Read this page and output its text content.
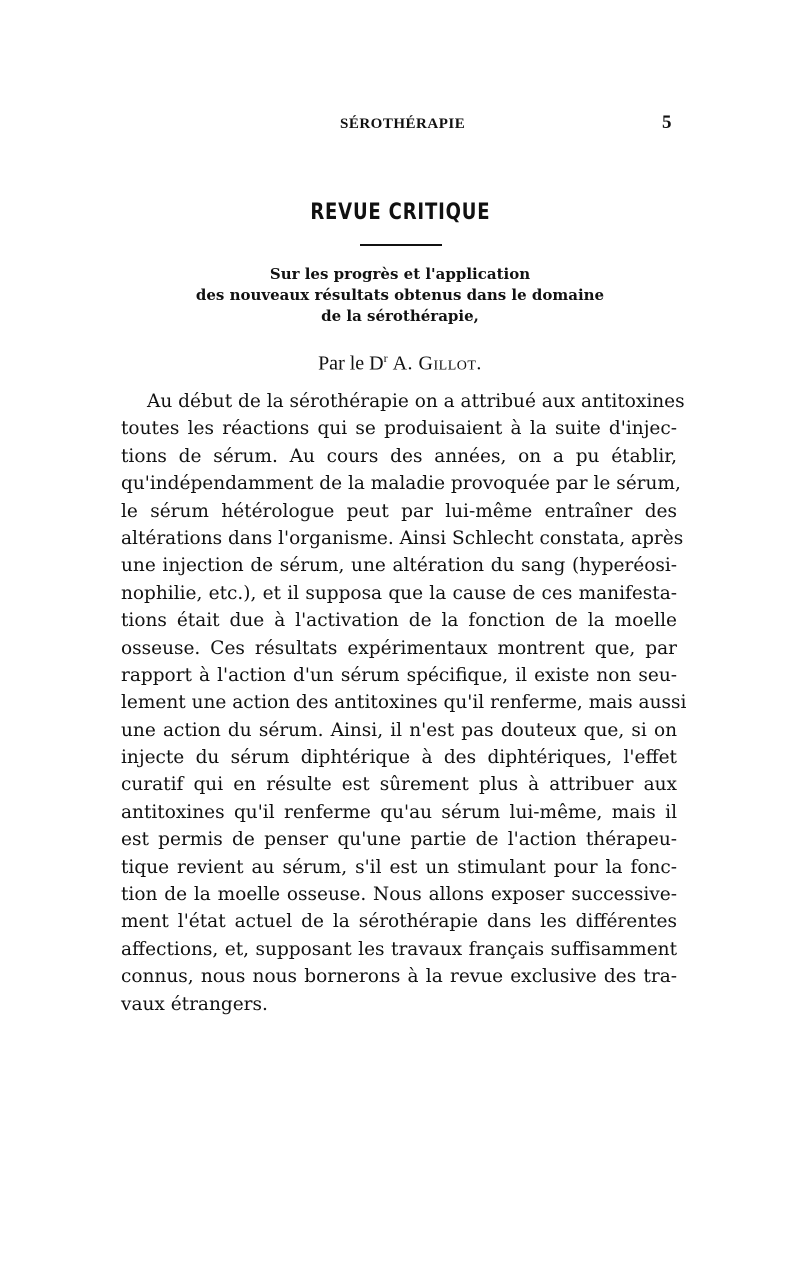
SÉROTHÉRAPIE	5
REVUE CRITIQUE
Sur les progrès et l'application
des nouveaux résultats obtenus dans le domaine
de la sérothérapie,
Par le $D^r$ A. Gillot.
Au début de la sérothérapie on a attribué aux antitoxines
toutes les réactions qui se produisaient à la suite d'injec-
tions de sérum. Au cours des années, on a pu établir,
qu'indépendamment de la maladie provoquée par le sérum,
le sérum hétérologue peut par lui-même entraîner des
altérations dans l'organisme. Ainsi Schlecht constata, après
une injection de sérum, une altération du sang (hyperéosi-
nophilie, etc.), et il supposa que la cause de ces manifesta-
tions était due à l'activation de la fonction de la moelle
osseuse. Ces résultats expérimentaux montrent que, par
rapport à l'action d'un sérum spécifique, il existe non seu-
lement une action des antitoxines qu'il renferme, mais aussi
une action du sérum. Ainsi, il n'est pas douteux que, si on
injecte du sérum diphtérique à des diphtériques, l'effet
curatif qui en résulte est sûrement plus à attribuer aux
antitoxines qu'il renferme qu'au sérum lui-même, mais il
est permis de penser qu'une partie de l'action thérapeu-
tique revient au sérum, s'il est un stimulant pour la fonc-
tion de la moelle osseuse. Nous allons exposer successive-
ment l'état actuel de la sérothérapie dans les différentes
affections, et, supposant les travaux français suffisamment
connus, nous nous bornerons à la revue exclusive des tra-
vaux étrangers.
